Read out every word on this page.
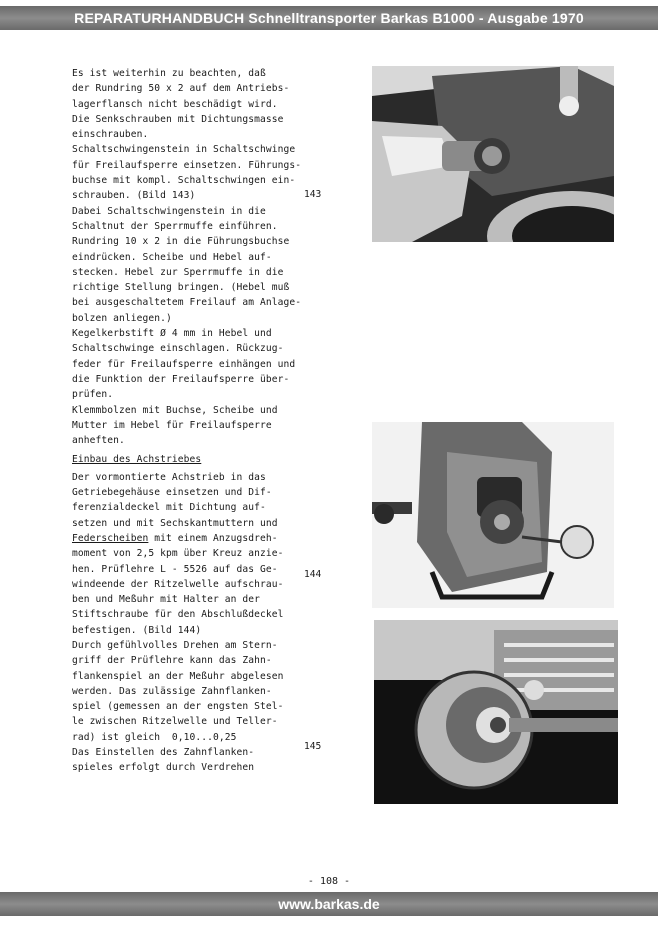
REPARATURHANDBUCH Schnelltransporter Barkas B1000 - Ausgabe 1970
Es ist weiterhin zu beachten, daß
der Rundring 50 x 2 auf dem Antriebs-
lagerflansch nicht beschädigt wird.
Die Senkschrauben mit Dichtungsmasse
einschrauben.
Schaltschwingenstein in Schaltschwinge
für Freilaufsperre einsetzen. Führungs-
buchse mit kompl. Schaltschwingen ein-
schrauben. (Bild 143)
Dabei Schaltschwingenstein in die
Schaltnut der Sperrmuffe einführen.
Rundring 10 x 2 in die Führungsbuchse
eindrücken. Scheibe und Hebel auf-
stecken. Hebel zur Sperrmuffe in die
richtige Stellung bringen. (Hebel muß
bei ausgeschaltetem Freilauf am Anlage-
bolzen anliegen.)
Kegelkerbstift Ø 4 mm in Hebel und
Schaltschwinge einschlagen. Rückzug-
feder für Freilaufsperre einhängen und
die Funktion der Freilaufsperre über-
prüfen.
Klemmbolzen mit Buchse, Scheibe und
Mutter im Hebel für Freilaufsperre
anheften.
Einbau des Achstriebes
Der vormontierte Achstrieb in das
Getriebegehäuse einsetzen und Dif-
ferenzialdeckel mit Dichtung auf-
setzen und mit Sechskantmuttern und
Federscheiben mit einem Anzugsdreh-
moment von 2,5 kpm über Kreuz anzie-
hen. Prüflehre L - 5526 auf das Ge-
windeende der Ritzelwelle aufschrau-
ben und Meßuhr mit Halter an der
Stiftschraube für den Abschlußdeckel
befestigen. (Bild 144)
Durch gefühlvolles Drehen am Stern-
griff der Prüflehre kann das Zahn-
flankenspiel an der Meßuhr abgelesen
werden. Das zulässige Zahnflanken-
spiel (gemessen an der engsten Stel-
le zwischen Ritzelwelle und Teller-
rad) ist gleich  0,10...0,25
Das Einstellen des Zahnflanken-
spieles erfolgt durch Verdrehen
143
144
145
- 108 -
www.barkas.de
